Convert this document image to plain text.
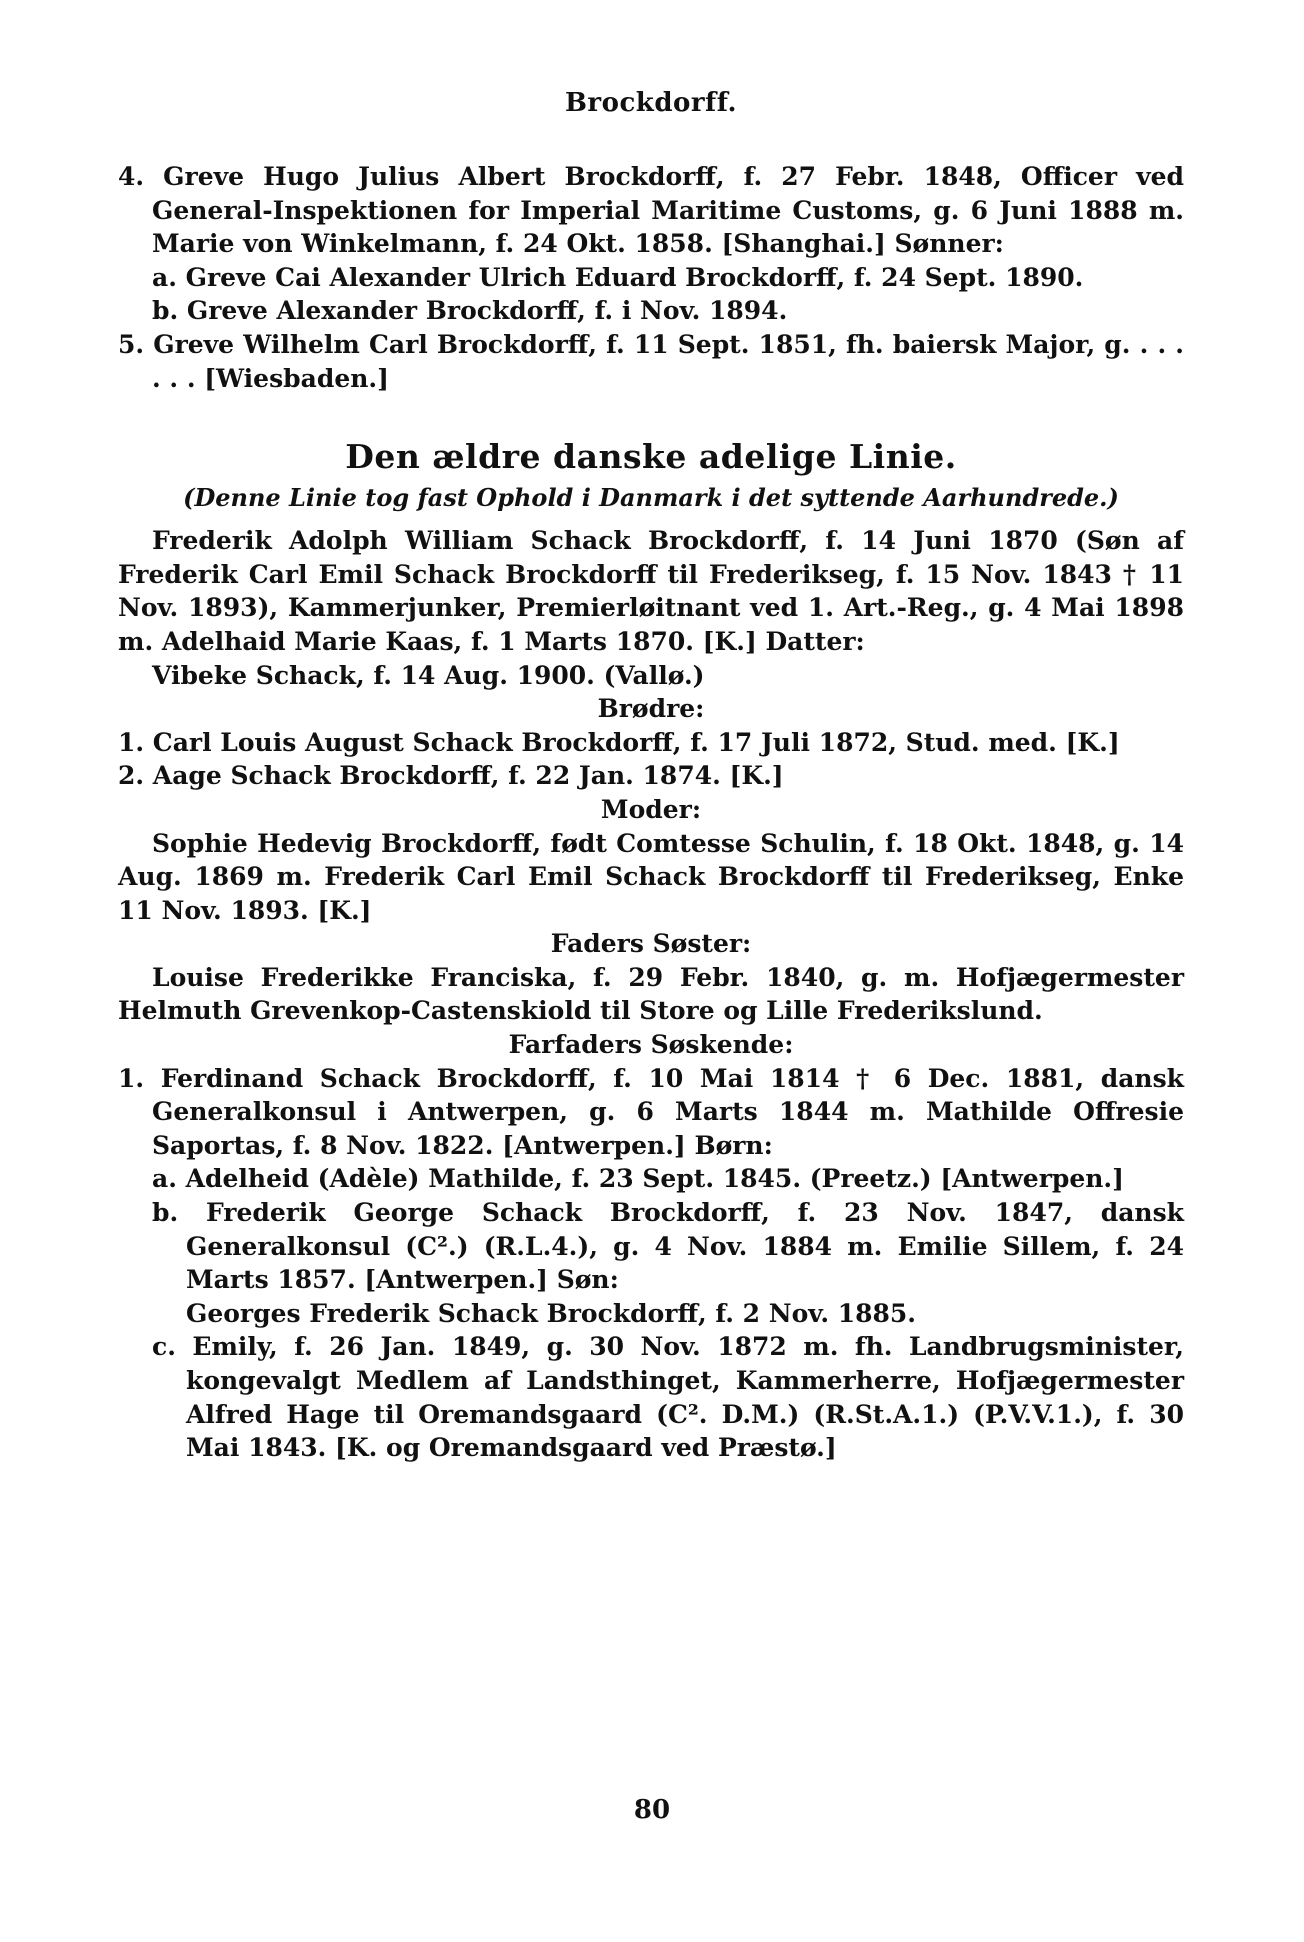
Brockdorff.

4. Greve Hugo Julius Albert Brockdorff, f. 27 Febr. 1848, Officer ved General-Inspektionen for Imperial Maritime Customs, g. 6 Juni 1888 m. Marie von Winkelmann, f. 24 Okt. 1858. [Shanghai.] Sønner:

a. Greve Cai Alexander Ulrich Eduard Brockdorff, f. 24 Sept. 1890.

b. Greve Alexander Brockdorff, f. i Nov. 1894.

5. Greve Wilhelm Carl Brockdorff, f. 11 Sept. 1851, fh. baiersk Major, g. . . . . . . [Wiesbaden.]

Den ældre danske adelige Linie.
(Denne Linie tog fast Ophold i Danmark i det syttende Aarhundrede.)

Frederik Adolph William Schack Brockdorff, f. 14 Juni 1870 (Søn af Frederik Carl Emil Schack Brockdorff til Frederikseg, f. 15 Nov. 1843 † 11 Nov. 1893), Kammerjunker, Premierløitnant ved 1. Art.-Reg., g. 4 Mai 1898 m. Adelhaid Marie Kaas, f. 1 Marts 1870. [K.] Datter:

Vibeke Schack, f. 14 Aug. 1900. (Vallø.)

Brødre:

1. Carl Louis August Schack Brockdorff, f. 17 Juli 1872, Stud. med. [K.]

2. Aage Schack Brockdorff, f. 22 Jan. 1874. [K.]

Moder:

Sophie Hedevig Brockdorff, født Comtesse Schulin, f. 18 Okt. 1848, g. 14 Aug. 1869 m. Frederik Carl Emil Schack Brockdorff til Frederikseg, Enke 11 Nov. 1893. [K.]

Faders Søster:

Louise Frederikke Franciska, f. 29 Febr. 1840, g. m. Hofjægermester Helmuth Grevenkop-Castenskiold til Store og Lille Frederikslund.

Farfaders Søskende:

1. Ferdinand Schack Brockdorff, f. 10 Mai 1814 † 6 Dec. 1881, dansk Generalkonsul i Antwerpen, g. 6 Marts 1844 m. Mathilde Offresie Saportas, f. 8 Nov. 1822. [Antwerpen.] Børn:

a. Adelheid (Adèle) Mathilde, f. 23 Sept. 1845. (Preetz.) [Antwerpen.]

b. Frederik George Schack Brockdorff, f. 23 Nov. 1847, dansk Generalkonsul (C².) (R.L.4.), g. 4 Nov. 1884 m. Emilie Sillem, f. 24 Marts 1857. [Antwerpen.] Søn:

Georges Frederik Schack Brockdorff, f. 2 Nov. 1885.

c. Emily, f. 26 Jan. 1849, g. 30 Nov. 1872 m. fh. Landbrugsminister, kongevalgt Medlem af Landsthinget, Kammerherre, Hofjægermester Alfred Hage til Oremandsgaard (C². D.M.) (R.St.A.1.) (P.V.V.1.), f. 30 Mai 1843. [K. og Oremandsgaard ved Præstø.]

80
